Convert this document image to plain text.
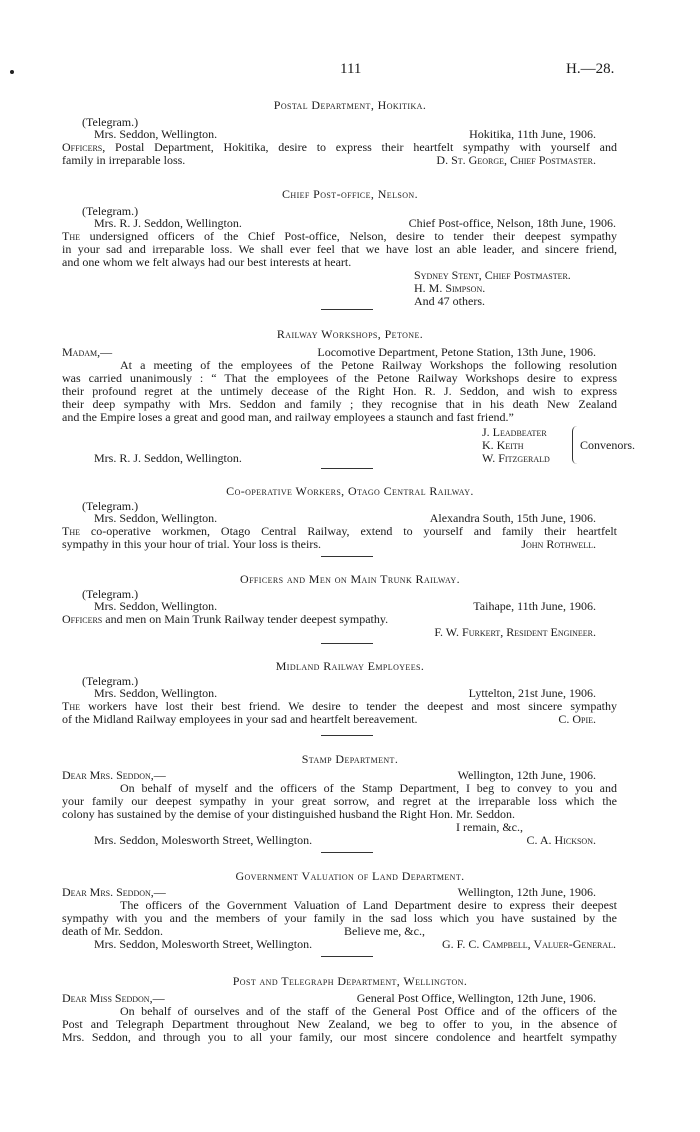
111	H.—28.
Postal Department, Hokitika.
(Telegram.)
Mrs. Seddon, Wellington.	Hokitika, 11th June, 1906.
Officers, Postal Department, Hokitika, desire to express their heartfelt sympathy with yourself and
family in irreparable loss.	D. St. George, Chief Postmaster.
Chief Post-office, Nelson.
(Telegram.)
Mrs. R. J. Seddon, Wellington.	Chief Post-office, Nelson, 18th June, 1906.
The undersigned officers of the Chief Post-office, Nelson, desire to tender their deepest sympathy
in your sad and irreparable loss. We shall ever feel that we have lost an able leader, and sincere friend,
and one whom we felt always had our best interests at heart.
Sydney Stent, Chief Postmaster.
H. M. Simpson.
And 47 others.
Railway Workshops, Petone.
Madam,—	Locomotive Department, Petone Station, 13th June, 1906.
At a meeting of the employees of the Petone Railway Workshops the following resolution
was carried unanimously : “ That the employees of the Petone Railway Workshops desire to express
their profound regret at the untimely decease of the Right Hon. R. J. Seddon, and wish to express
their deep sympathy with Mrs. Seddon and family ; they recognise that in his death New Zealand
and the Empire loses a great and good man, and railway employees a staunch and fast friend.”
J. Leadbeater
K. Keith
W. Fitzgerald
Convenors.
Mrs. R. J. Seddon, Wellington.
Co-operative Workers, Otago Central Railway.
(Telegram.)
Mrs. Seddon, Wellington.	Alexandra South, 15th June, 1906.
The co-operative workmen, Otago Central Railway, extend to yourself and family their heartfelt
sympathy in this your hour of trial. Your loss is theirs.	John Rothwell.
Officers and Men on Main Trunk Railway.
(Telegram.)
Mrs. Seddon, Wellington.	Taihape, 11th June, 1906.
Officers and men on Main Trunk Railway tender deepest sympathy.
F. W. Furkert, Resident Engineer.
Midland Railway Employees.
(Telegram.)
Mrs. Seddon, Wellington.	Lyttelton, 21st June, 1906.
The workers have lost their best friend. We desire to tender the deepest and most sincere sympathy
of the Midland Railway employees in your sad and heartfelt bereavement.	C. Opie.
Stamp Department.
Dear Mrs. Seddon,—	Wellington, 12th June, 1906.
On behalf of myself and the officers of the Stamp Department, I beg to convey to you and
your family our deepest sympathy in your great sorrow, and regret at the irreparable loss which the
colony has sustained by the demise of your distinguished husband the Right Hon. Mr. Seddon.
I remain, &c.,
Mrs. Seddon, Molesworth Street, Wellington.	C. A. Hickson.
Government Valuation of Land Department.
Dear Mrs. Seddon,—	Wellington, 12th June, 1906.
The officers of the Government Valuation of Land Department desire to express their deepest
sympathy with you and the members of your family in the sad loss which you have sustained by the
death of Mr. Seddon.	Believe me, &c.,
Mrs. Seddon, Molesworth Street, Wellington.	G. F. C. Campbell, Valuer-General.
Post and Telegraph Department, Wellington.
Dear Miss Seddon,—	General Post Office, Wellington, 12th June, 1906.
On behalf of ourselves and of the staff of the General Post Office and of the officers of the
Post and Telegraph Department throughout New Zealand, we beg to offer to you, in the absence of
Mrs. Seddon, and through you to all your family, our most sincere condolence and heartfelt sympathy
